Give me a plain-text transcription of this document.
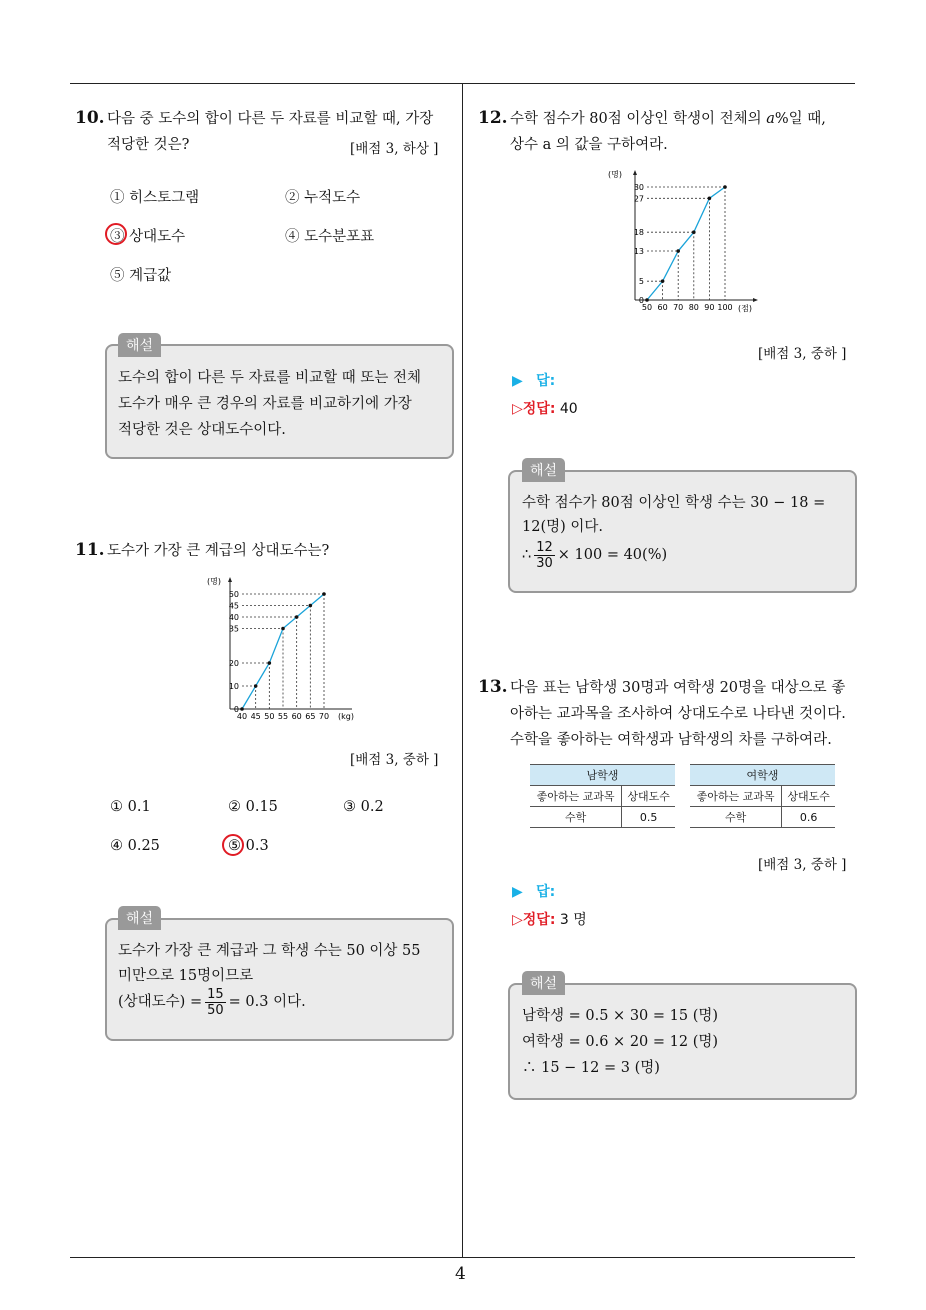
4
10. 다음 중 도수의 합이 다른 두 자료를 비교할 때, 가장
적당한 것은?	[배점 3, 하상 ]
① 히스토그램	② 누적도수
③ 상대도수	④ 도수분포표
⑤ 계급값
해설
도수의 합이 다른 두 자료를 비교할 때 또는 전체
도수가 매우 큰 경우의 자료를 비교하기에 가장
적당한 것은 상대도수이다.
11. 도수가 가장 큰 계급의 상대도수는?
(명)
0
10
20
35
40
45
50
40 45 50 55 60 65 70 (kg)
[배점 3, 중하 ]
① 0.1	② 0.15	③ 0.2
④ 0.25	⑤ 0.3
해설
도수가 가장 큰 계급과 그 학생 수는 50 이상 55
미만으로 15명이므로
(상대도수) = $\frac{15}{50} = 0.3$ 이다.
12. 수학 점수가 80점 이상인 학생이 전체의 a%일 때,
상수 a 의 값을 구하여라.
(명)
0
5
13
18
27
30
50 60 70 80 90 100 (점)
[배점 3, 중하 ]
▶ 답:
▷정답: 40
해설
수학 점수가 80점 이상인 학생 수는 30 − 18 =
12(명) 이다.
∴ $\frac{12}{30} \times 100 = 40(\%)$
13. 다음 표는 남학생 30명과 여학생 20명을 대상으로 좋
아하는 교과목을 조사하여 상대도수로 나타낸 것이다.
수학을 좋아하는 여학생과 남학생의 차를 구하여라.
남학생	
좋아하는 교과목	상대도수
수학	0.5
여학생	
좋아하는 교과목	상대도수
수학	0.6
[배점 3, 중하 ]
▶ 답:
▷정답: 3 명
해설
남학생 = 0.5 × 30 = 15 (명)
여학생 = 0.6 × 20 = 12 (명)
∴ 15 − 12 = 3 (명)
